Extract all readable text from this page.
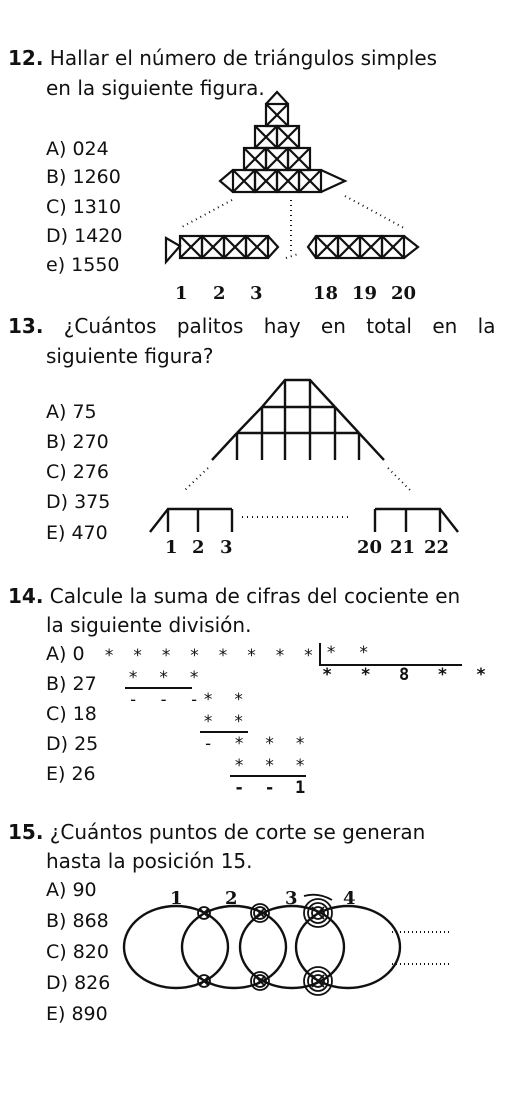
12. Hallar el número de triángulos simples
en la siguiente figura.
A) 024
B) 1260
C) 1310
D) 1420
e) 1550
1 2 3	18 19 20
13. ¿Cuántos palitos hay en total en la
siguiente figura?
A) 75
B) 270
C) 276
D) 375
E) 470
1 2 3	20 21 22
14. Calcule la suma de cifras del cociente en
la siguiente división.
A) 0
B) 27
C) 18
D) 25
E) 26
* * * * * * * * * *
* * 8 * *
* * *
- - -
* *
* *
- * * *
* * *
- - 1
15. ¿Cuántos puntos de corte se generan
hasta la posición 15.
A) 90
B) 868
C) 820
D) 826
E) 890
1 2	3	4
